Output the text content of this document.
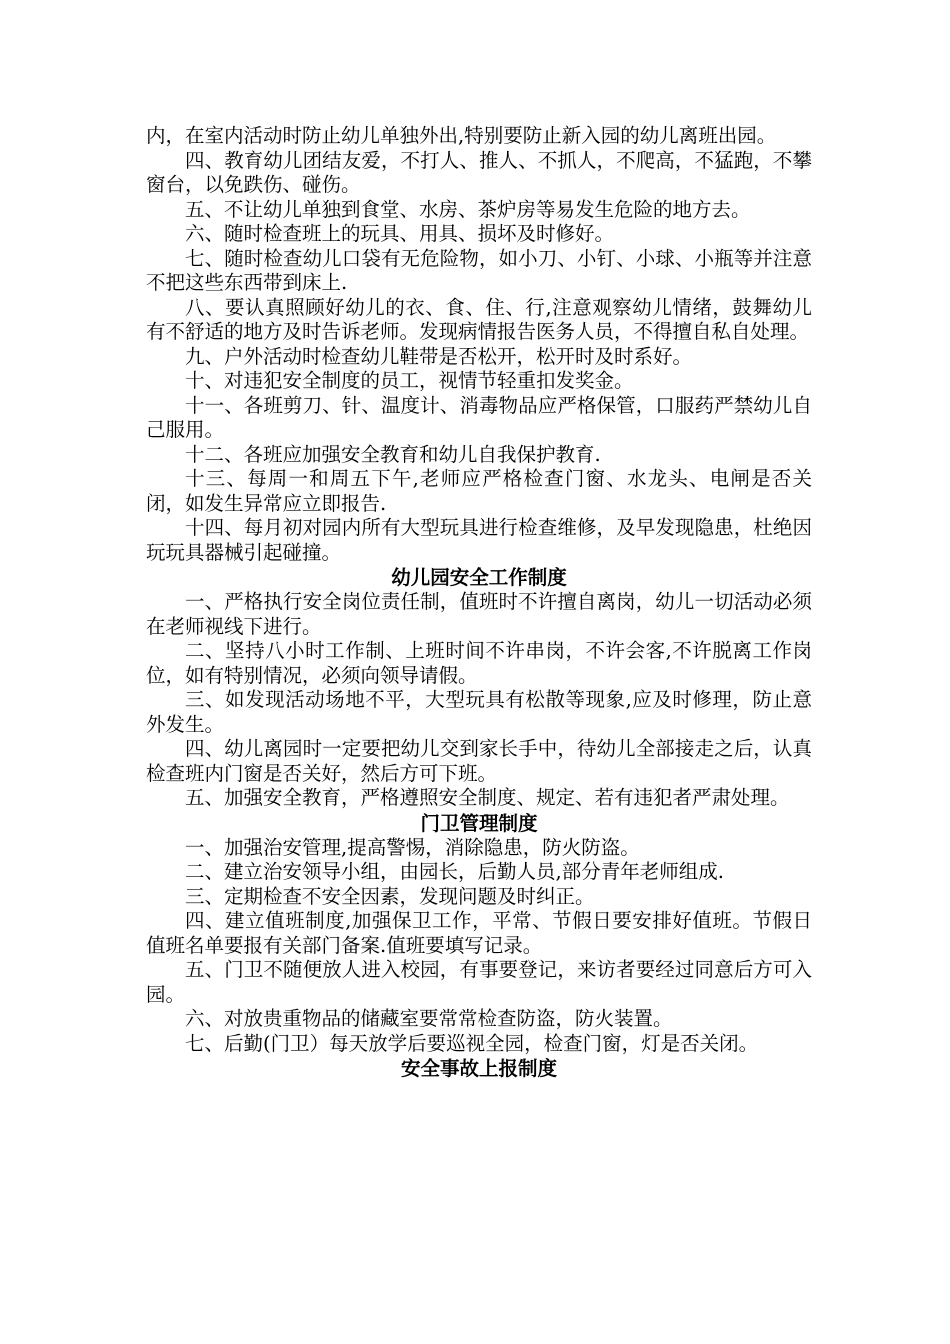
内，在室内活动时防止幼儿单独外出,特别要防止新入园的幼儿离班出园。

四、教育幼儿团结友爱，不打人、推人、不抓人，不爬高，不猛跑，不攀窗台，以免跌伤、碰伤。

五、不让幼儿单独到食堂、水房、茶炉房等易发生危险的地方去。

六、随时检查班上的玩具、用具、损坏及时修好。

七、随时检查幼儿口袋有无危险物，如小刀、小钉、小球、小瓶等并注意不把这些东西带到床上.

八、要认真照顾好幼儿的衣、食、住、行,注意观察幼儿情绪，鼓舞幼儿有不舒适的地方及时告诉老师。发现病情报告医务人员，不得擅自私自处理。

九、户外活动时检查幼儿鞋带是否松开，松开时及时系好。

十、对违犯安全制度的员工，视情节轻重扣发奖金。

十一、各班剪刀、针、温度计、消毒物品应严格保管，口服药严禁幼儿自己服用。

十二、各班应加强安全教育和幼儿自我保护教育.

十三、每周一和周五下午,老师应严格检查门窗、水龙头、电闸是否关闭，如发生异常应立即报告.

十四、每月初对园内所有大型玩具进行检查维修，及早发现隐患，杜绝因玩玩具器械引起碰撞。

幼儿园安全工作制度

一、严格执行安全岗位责任制，值班时不许擅自离岗，幼儿一切活动必须在老师视线下进行。

二、坚持八小时工作制、上班时间不许串岗，不许会客,不许脱离工作岗位，如有特别情况，必须向领导请假。

三、如发现活动场地不平，大型玩具有松散等现象,应及时修理，防止意外发生。

四、幼儿离园时一定要把幼儿交到家长手中，待幼儿全部接走之后，认真检查班内门窗是否关好，然后方可下班。

五、加强安全教育，严格遵照安全制度、规定、若有违犯者严肃处理。

门卫管理制度

一、加强治安管理,提高警惕，消除隐患，防火防盗。

二、建立治安领导小组，由园长，后勤人员,部分青年老师组成.

三、定期检查不安全因素，发现问题及时纠正。

四、建立值班制度,加强保卫工作，平常、节假日要安排好值班。节假日值班名单要报有关部门备案.值班要填写记录。

五、门卫不随便放人进入校园，有事要登记，来访者要经过同意后方可入园。

六、对放贵重物品的储藏室要常常检查防盗，防火装置。

七、后勤(门卫）每天放学后要巡视全园，检查门窗，灯是否关闭。

安全事故上报制度
